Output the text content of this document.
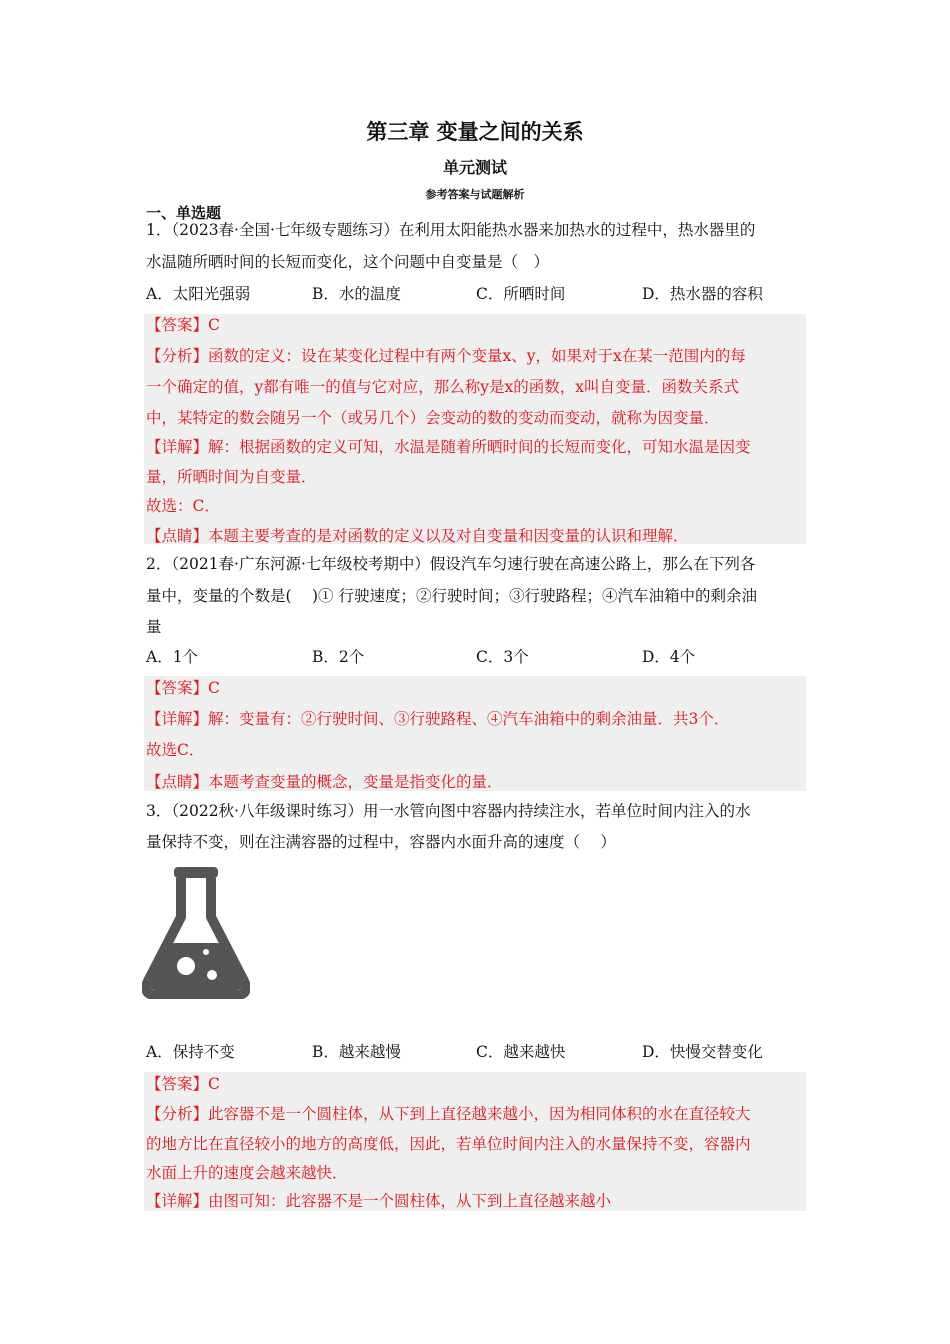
第三章 变量之间的关系
单元测试
参考答案与试题解析
一、单选题
1．（2023春·全国·七年级专题练习）在利用太阳能热水器来加热水的过程中，热水器里的
水温随所晒时间的长短而变化，这个问题中自变量是（　）
A．太阳光强弱	B．水的温度	C．所晒时间	D．热水器的容积
【答案】C
【分析】函数的定义：设在某变化过程中有两个变量x、y，如果对于x在某一范围内的每
一个确定的值，y都有唯一的值与它对应，那么称y是x的函数，x叫自变量．函数关系式
中，某特定的数会随另一个（或另几个）会变动的数的变动而变动，就称为因变量．
【详解】解：根据函数的定义可知，水温是随着所晒时间的长短而变化，可知水温是因变
量，所晒时间为自变量．
故选：C．
【点睛】本题主要考查的是对函数的定义以及对自变量和因变量的认识和理解．
2．（2021春·广东河源·七年级校考期中）假设汽车匀速行驶在高速公路上，那么在下列各
量中，变量的个数是(　 )① 行驶速度；②行驶时间；③行驶路程；④汽车油箱中的剩余油
量
A．1个	B．2个	C．3个	D．4个
【答案】C
【详解】解：变量有：②行驶时间、③行驶路程、④汽车油箱中的剩余油量．共3个．
故选C．
【点睛】本题考查变量的概念，变量是指变化的量．
3．（2022秋·八年级课时练习）用一水管向图中容器内持续注水，若单位时间内注入的水
量保持不变，则在注满容器的过程中，容器内水面升高的速度（　 ）
A．保持不变	B．越来越慢	C．越来越快	D．快慢交替变化
【答案】C
【分析】此容器不是一个圆柱体，从下到上直径越来越小，因为相同体积的水在直径较大
的地方比在直径较小的地方的高度低，因此，若单位时间内注入的水量保持不变，容器内
水面上升的速度会越来越快．
【详解】由图可知：此容器不是一个圆柱体，从下到上直径越来越小
